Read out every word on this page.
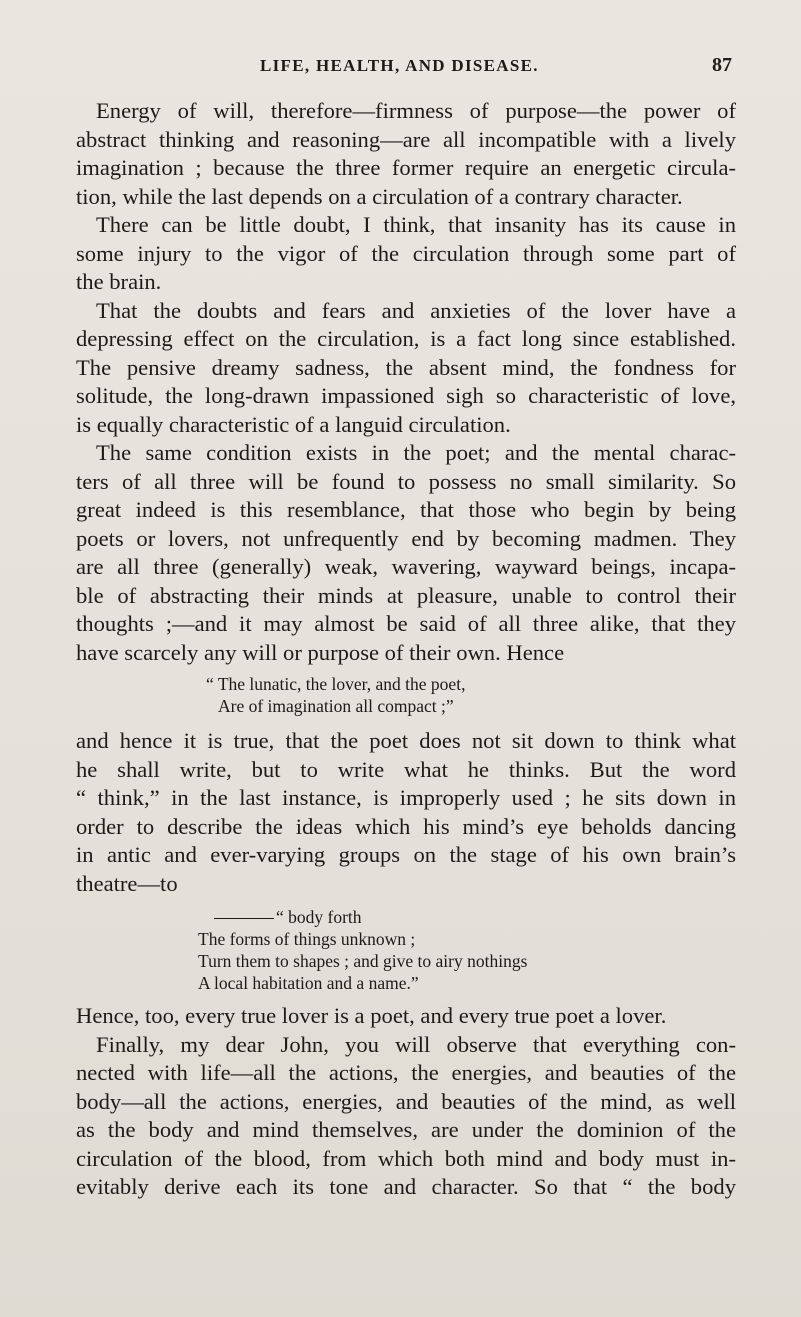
LIFE, HEALTH, AND DISEASE.	87
Energy of will, therefore—firmness of purpose—the power of
abstract thinking and reasoning—are all incompatible with a lively
imagination ; because the three former require an energetic circula-
tion, while the last depends on a circulation of a contrary character.
There can be little doubt, I think, that insanity has its cause in
some injury to the vigor of the circulation through some part of
the brain.
That the doubts and fears and anxieties of the lover have a
depressing effect on the circulation, is a fact long since established.
The pensive dreamy sadness, the absent mind, the fondness for
solitude, the long-drawn impassioned sigh so characteristic of love,
is equally characteristic of a languid circulation.
The same condition exists in the poet; and the mental charac-
ters of all three will be found to possess no small similarity. So
great indeed is this resemblance, that those who begin by being
poets or lovers, not unfrequently end by becoming madmen. They
are all three (generally) weak, wavering, wayward beings, incapa-
ble of abstracting their minds at pleasure, unable to control their
thoughts ;—and it may almost be said of all three alike, that they
have scarcely any will or purpose of their own. Hence
“ The lunatic, the lover, and the poet,
Are of imagination all compact ;”
and hence it is true, that the poet does not sit down to think what
he shall write, but to write what he thinks. But the word
“ think,” in the last instance, is improperly used ; he sits down in
order to describe the ideas which his mind’s eye beholds dancing
in antic and ever-varying groups on the stage of his own brain’s
theatre—to
“ body forth
The forms of things unknown ;
Turn them to shapes ; and give to airy nothings
A local habitation and a name.”
Hence, too, every true lover is a poet, and every true poet a lover.
Finally, my dear John, you will observe that everything con-
nected with life—all the actions, the energies, and beauties of the
body—all the actions, energies, and beauties of the mind, as well
as the body and mind themselves, are under the dominion of the
circulation of the blood, from which both mind and body must in-
evitably derive each its tone and character. So that “ the body
